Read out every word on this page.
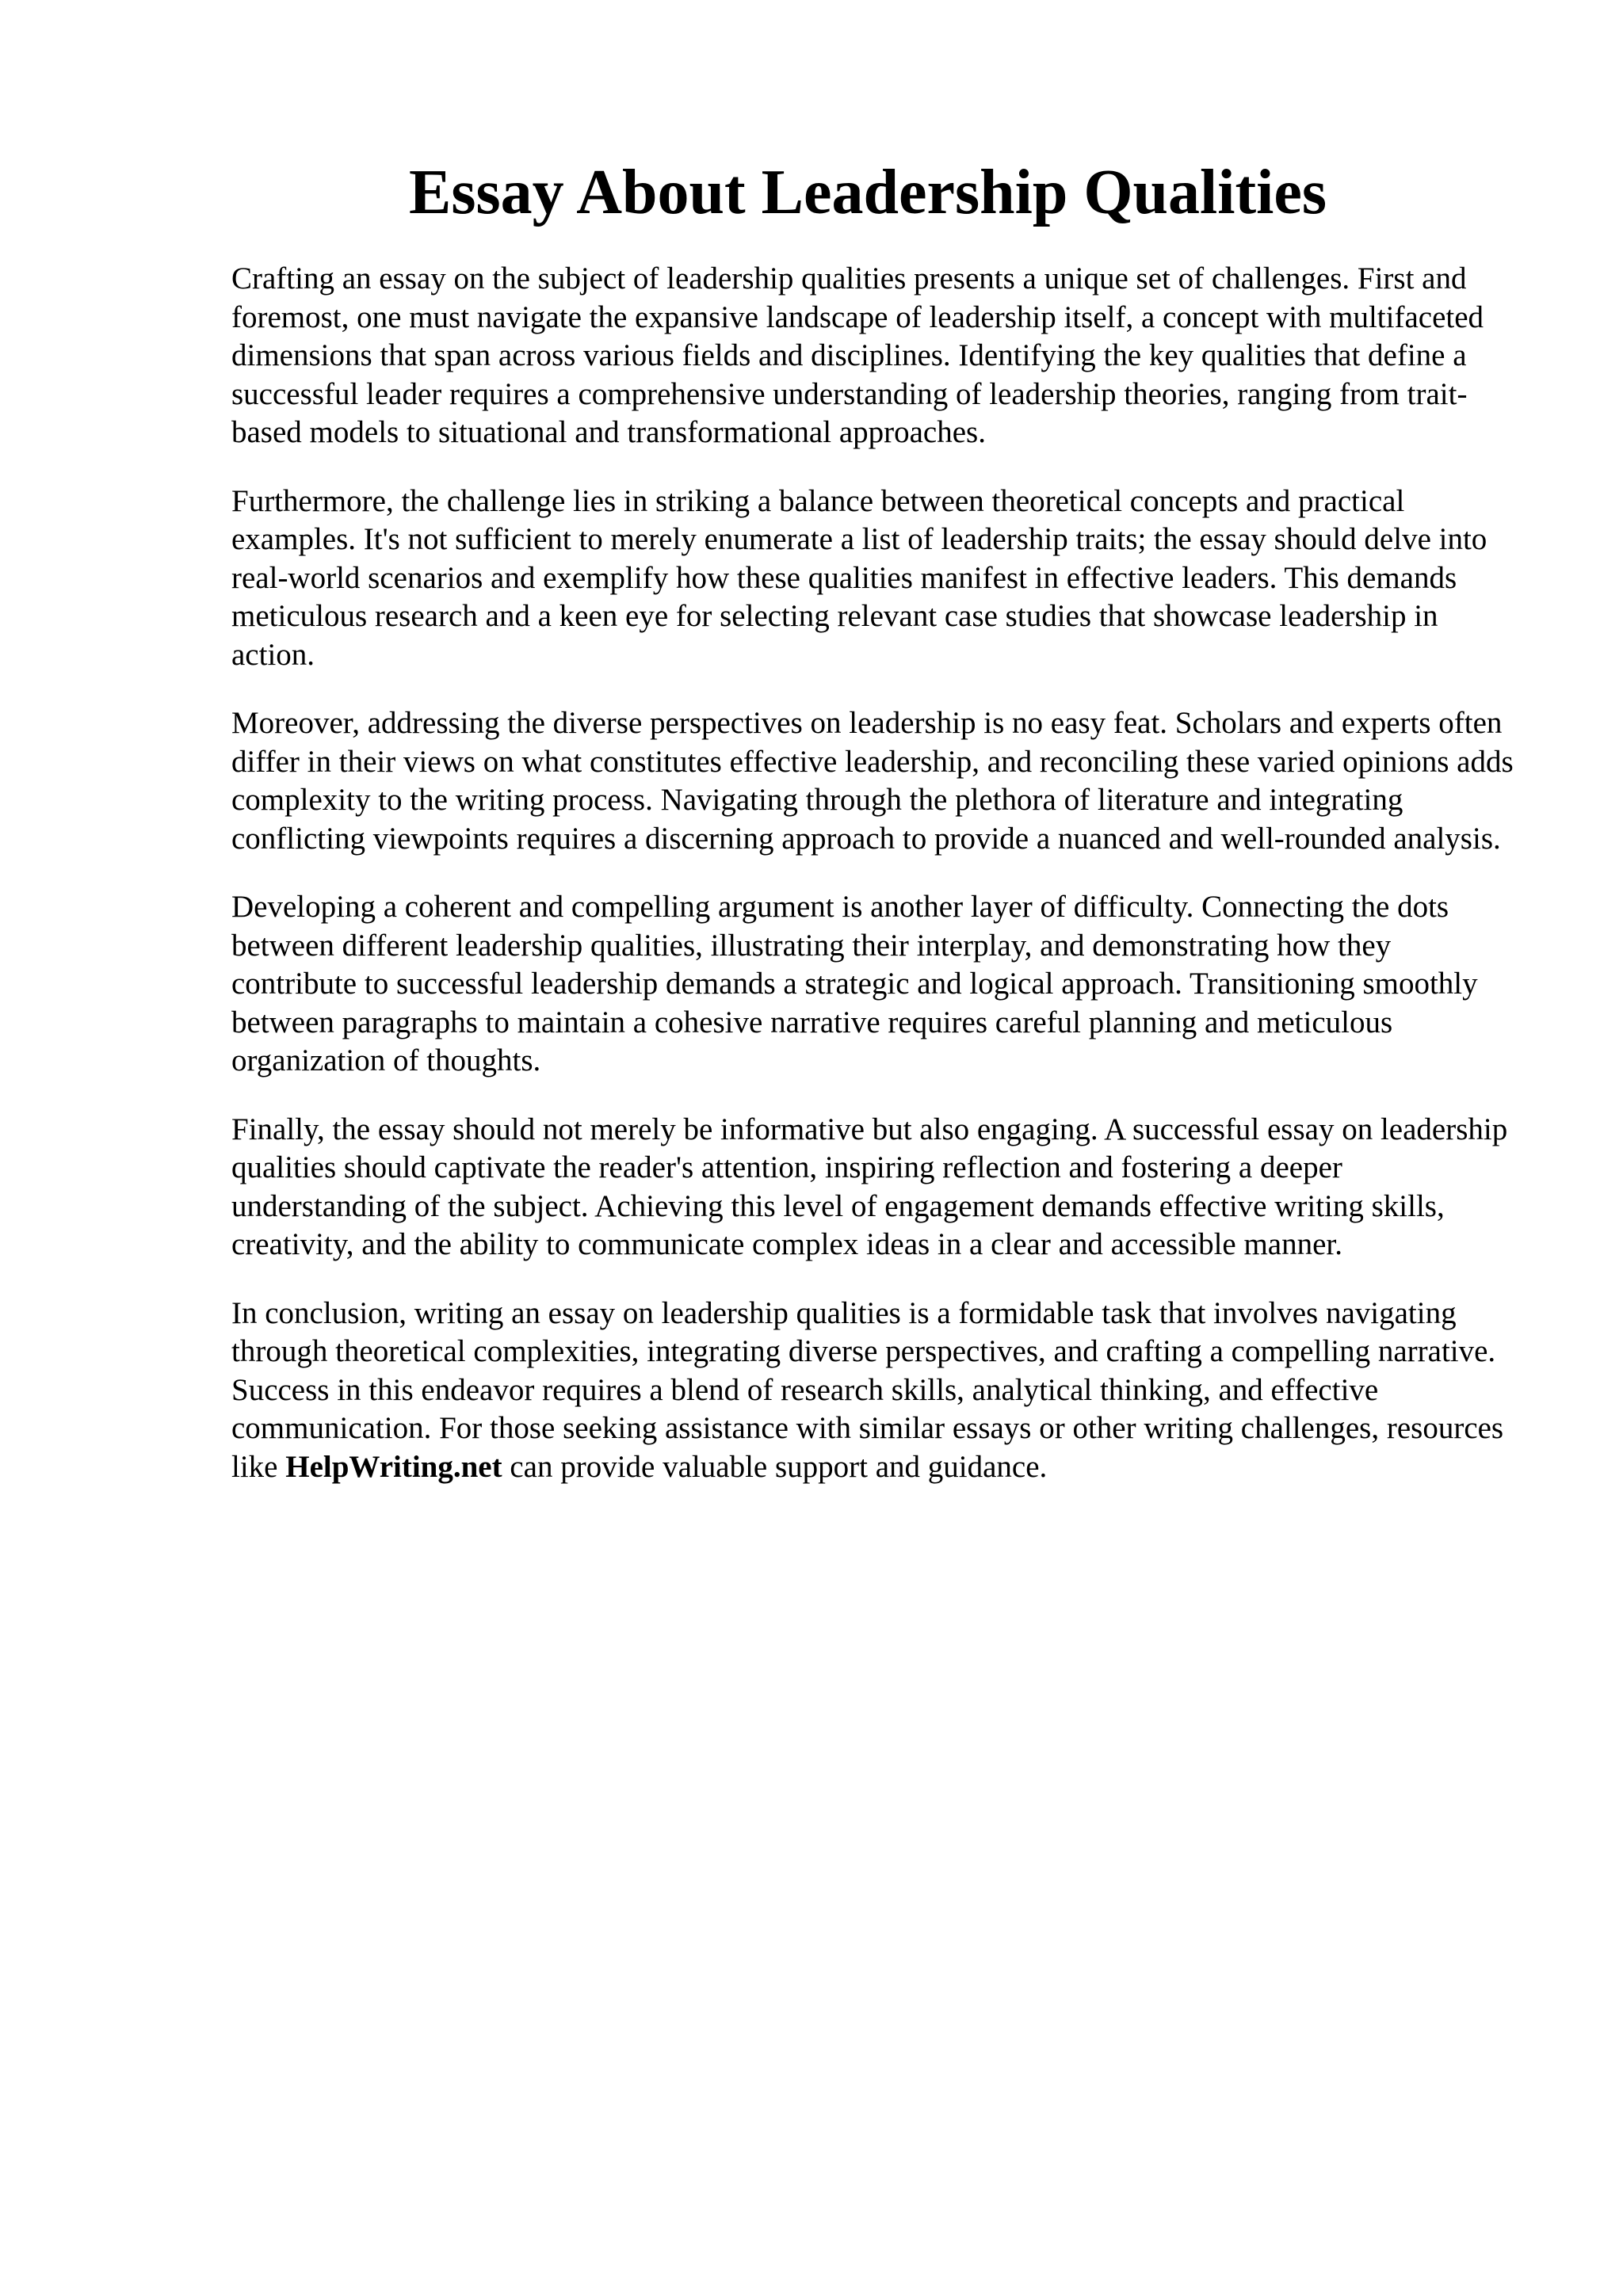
Essay About Leadership Qualities

Crafting an essay on the subject of leadership qualities presents a unique set of challenges. First and foremost, one must navigate the expansive landscape of leadership itself, a concept with multifaceted dimensions that span across various fields and disciplines. Identifying the key qualities that define a successful leader requires a comprehensive understanding of leadership theories, ranging from trait-based models to situational and transformational approaches.

Furthermore, the challenge lies in striking a balance between theoretical concepts and practical examples. It's not sufficient to merely enumerate a list of leadership traits; the essay should delve into real-world scenarios and exemplify how these qualities manifest in effective leaders. This demands meticulous research and a keen eye for selecting relevant case studies that showcase leadership in action.

Moreover, addressing the diverse perspectives on leadership is no easy feat. Scholars and experts often differ in their views on what constitutes effective leadership, and reconciling these varied opinions adds complexity to the writing process. Navigating through the plethora of literature and integrating conflicting viewpoints requires a discerning approach to provide a nuanced and well-rounded analysis.

Developing a coherent and compelling argument is another layer of difficulty. Connecting the dots between different leadership qualities, illustrating their interplay, and demonstrating how they contribute to successful leadership demands a strategic and logical approach. Transitioning smoothly between paragraphs to maintain a cohesive narrative requires careful planning and meticulous organization of thoughts.

Finally, the essay should not merely be informative but also engaging. A successful essay on leadership qualities should captivate the reader's attention, inspiring reflection and fostering a deeper understanding of the subject. Achieving this level of engagement demands effective writing skills, creativity, and the ability to communicate complex ideas in a clear and accessible manner.

In conclusion, writing an essay on leadership qualities is a formidable task that involves navigating through theoretical complexities, integrating diverse perspectives, and crafting a compelling narrative. Success in this endeavor requires a blend of research skills, analytical thinking, and effective communication. For those seeking assistance with similar essays or other writing challenges, resources like HelpWriting.net can provide valuable support and guidance.
